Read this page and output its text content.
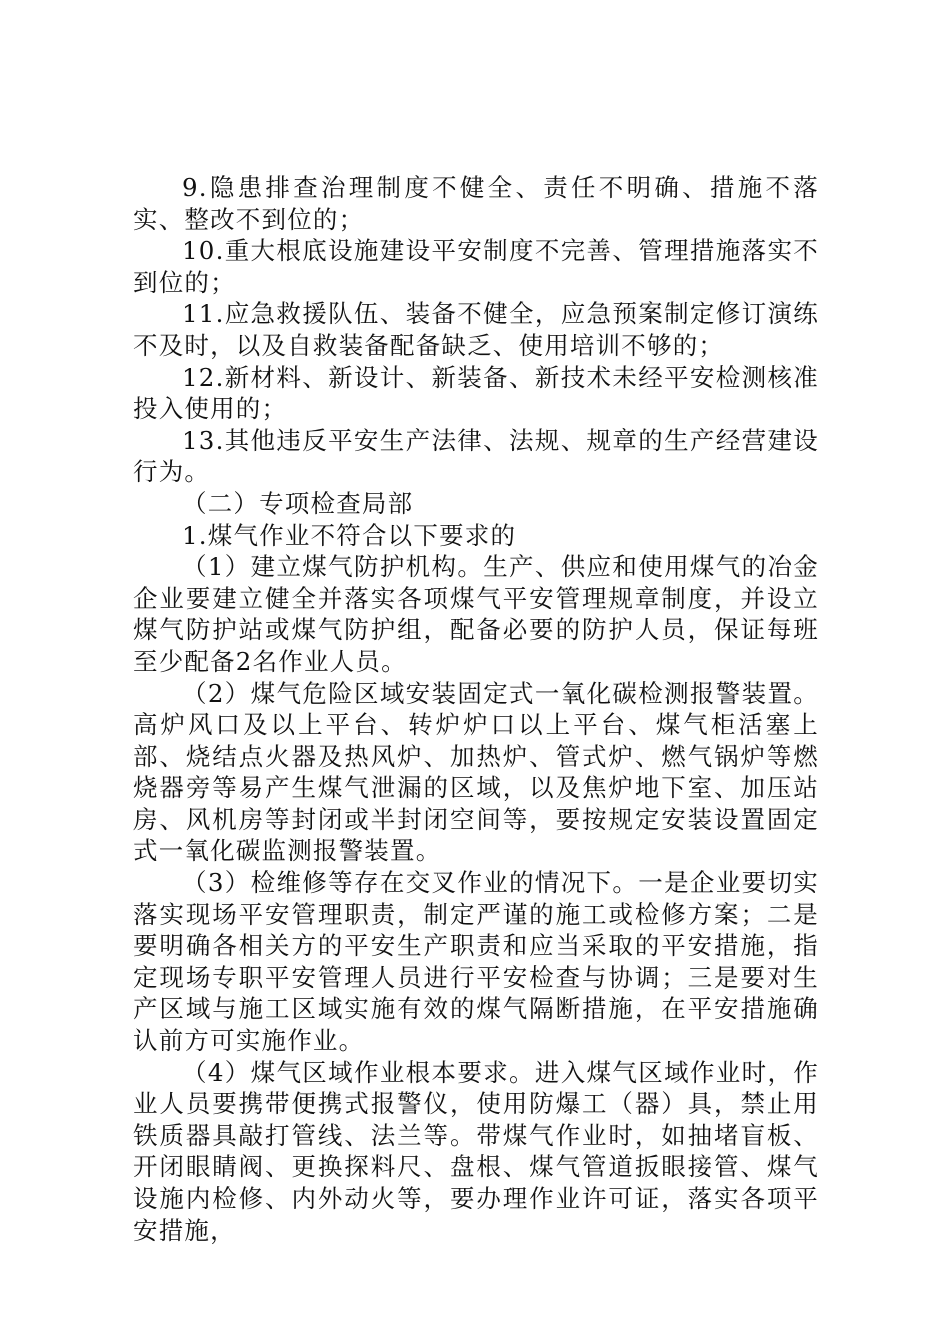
9.隐患排查治理制度不健全、责任不明确、措施不落实、整改不到位的；

10.重大根底设施建设平安制度不完善、管理措施落实不到位的；

11.应急救援队伍、装备不健全，应急预案制定修订演练不及时，以及自救装备配备缺乏、使用培训不够的；

12.新材料、新设计、新装备、新技术未经平安检测核准投入使用的；

13.其他违反平安生产法律、法规、规章的生产经营建设行为。

（二）专项检查局部

1.煤气作业不符合以下要求的

（1）建立煤气防护机构。生产、供应和使用煤气的冶金企业要建立健全并落实各项煤气平安管理规章制度，并设立煤气防护站或煤气防护组，配备必要的防护人员，保证每班至少配备2名作业人员。

（2）煤气危险区域安装固定式一氧化碳检测报警装置。高炉风口及以上平台、转炉炉口以上平台、煤气柜活塞上部、烧结点火器及热风炉、加热炉、管式炉、燃气锅炉等燃烧器旁等易产生煤气泄漏的区域，以及焦炉地下室、加压站房、风机房等封闭或半封闭空间等，要按规定安装设置固定式一氧化碳监测报警装置。

（3）检维修等存在交叉作业的情况下。一是企业要切实落实现场平安管理职责，制定严谨的施工或检修方案；二是要明确各相关方的平安生产职责和应当采取的平安措施，指定现场专职平安管理人员进行平安检查与协调；三是要对生产区域与施工区域实施有效的煤气隔断措施，在平安措施确认前方可实施作业。

（4）煤气区域作业根本要求。进入煤气区域作业时，作业人员要携带便携式报警仪，使用防爆工（器）具，禁止用铁质器具敲打管线、法兰等。带煤气作业时，如抽堵盲板、开闭眼睛阀、更换探料尺、盘根、煤气管道扳眼接管、煤气设施内检修、内外动火等，要办理作业许可证，落实各项平安措施，
